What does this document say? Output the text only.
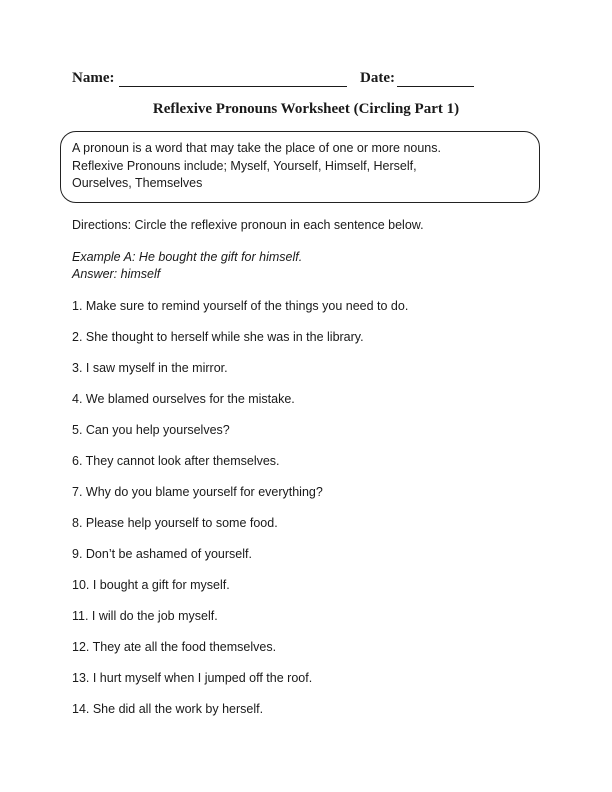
Name:	Date:
Reflexive Pronouns Worksheet (Circling Part 1)
A pronoun is a word that may take the place of one or more nouns.
Reflexive Pronouns include; Myself, Yourself, Himself, Herself,
Ourselves, Themselves
Directions: Circle the reflexive pronoun in each sentence below.
Example A: He bought the gift for himself.
Answer: himself
1. Make sure to remind yourself of the things you need to do.
2. She thought to herself while she was in the library.
3. I saw myself in the mirror.
4. We blamed ourselves for the mistake.
5. Can you help yourselves?
6. They cannot look after themselves.
7. Why do you blame yourself for everything?
8. Please help yourself to some food.
9. Don’t be ashamed of yourself.
10. I bought a gift for myself.
11. I will do the job myself.
12. They ate all the food themselves.
13. I hurt myself when I jumped off the roof.
14. She did all the work by herself.
